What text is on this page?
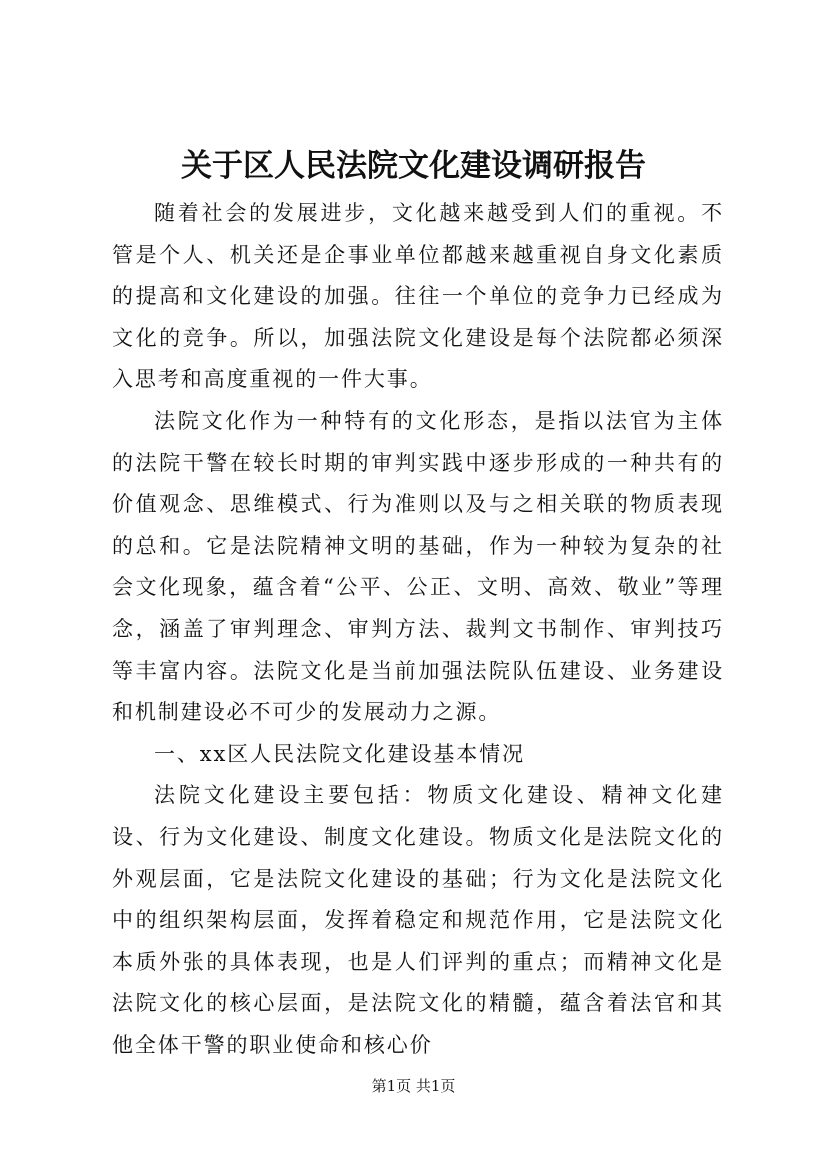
关于区人民法院文化建设调研报告

随着社会的发展进步，文化越来越受到人们的重视。不管是个人、机关还是企事业单位都越来越重视自身文化素质的提高和文化建设的加强。往往一个单位的竞争力已经成为文化的竞争。所以，加强法院文化建设是每个法院都必须深入思考和高度重视的一件大事。

法院文化作为一种特有的文化形态，是指以法官为主体的法院干警在较长时期的审判实践中逐步形成的一种共有的价值观念、思维模式、行为准则以及与之相关联的物质表现的总和。它是法院精神文明的基础，作为一种较为复杂的社会文化现象，蕴含着“公平、公正、文明、高效、敬业”等理念，涵盖了审判理念、审判方法、裁判文书制作、审判技巧等丰富内容。法院文化是当前加强法院队伍建设、业务建设和机制建设必不可少的发展动力之源。

一、xx区人民法院文化建设基本情况

法院文化建设主要包括：物质文化建设、精神文化建设、行为文化建设、制度文化建设。物质文化是法院文化的外观层面，它是法院文化建设的基础；行为文化是法院文化中的组织架构层面，发挥着稳定和规范作用，它是法院文化本质外张的具体表现，也是人们评判的重点；而精神文化是法院文化的核心层面，是法院文化的精髓，蕴含着法官和其他全体干警的职业使命和核心价

第1页 共1页
